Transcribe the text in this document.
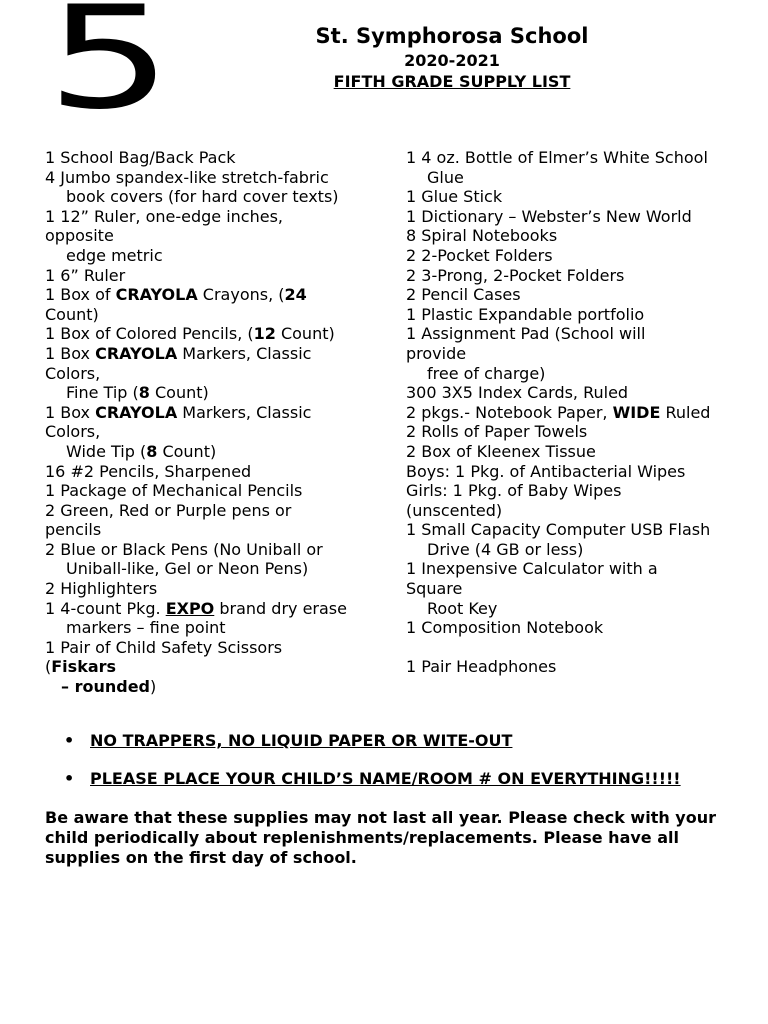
5	St. Symphorosa School
2020-2021
FIFTH GRADE SUPPLY LIST
1 School Bag/Back Pack
4 Jumbo spandex-like stretch-fabric
book covers (for hard cover texts)
1 12” Ruler, one-edge inches,
opposite
edge metric
1 6” Ruler
1 Box of CRAYOLA Crayons, (24
Count)
1 Box of Colored Pencils, (12 Count)
1 Box CRAYOLA Markers, Classic
Colors,
Fine Tip (8 Count)
1 Box CRAYOLA Markers, Classic
Colors,
Wide Tip (8 Count)
16 #2 Pencils, Sharpened
1 Package of Mechanical Pencils
2 Green, Red or Purple pens or
pencils
2 Blue or Black Pens (No Uniball or
Uniball-like, Gel or Neon Pens)
2 Highlighters
1 4-count Pkg. EXPO brand dry erase
markers – fine point
1 Pair of Child Safety Scissors
(Fiskars
– rounded)
1 4 oz. Bottle of Elmer’s White School
Glue
1 Glue Stick
1 Dictionary – Webster’s New World
8 Spiral Notebooks
2 2-Pocket Folders
2 3-Prong, 2-Pocket Folders
2 Pencil Cases
1 Plastic Expandable portfolio
1 Assignment Pad (School will
provide
free of charge)
300 3X5 Index Cards, Ruled
2 pkgs.- Notebook Paper, WIDE Ruled
2 Rolls of Paper Towels
2 Box of Kleenex Tissue
Boys: 1 Pkg. of Antibacterial Wipes
Girls: 1 Pkg. of Baby Wipes
(unscented)
1 Small Capacity Computer USB Flash
Drive (4 GB or less)
1 Inexpensive Calculator with a
Square
Root Key
1 Composition Notebook
1 Pair Headphones
• NO TRAPPERS, NO LIQUID PAPER OR WITE-OUT
• PLEASE PLACE YOUR CHILD’S NAME/ROOM # ON EVERYTHING!!!!!
Be aware that these supplies may not last all year. Please check with your child periodically about replenishments/replacements. Please have all supplies on the first day of school.
